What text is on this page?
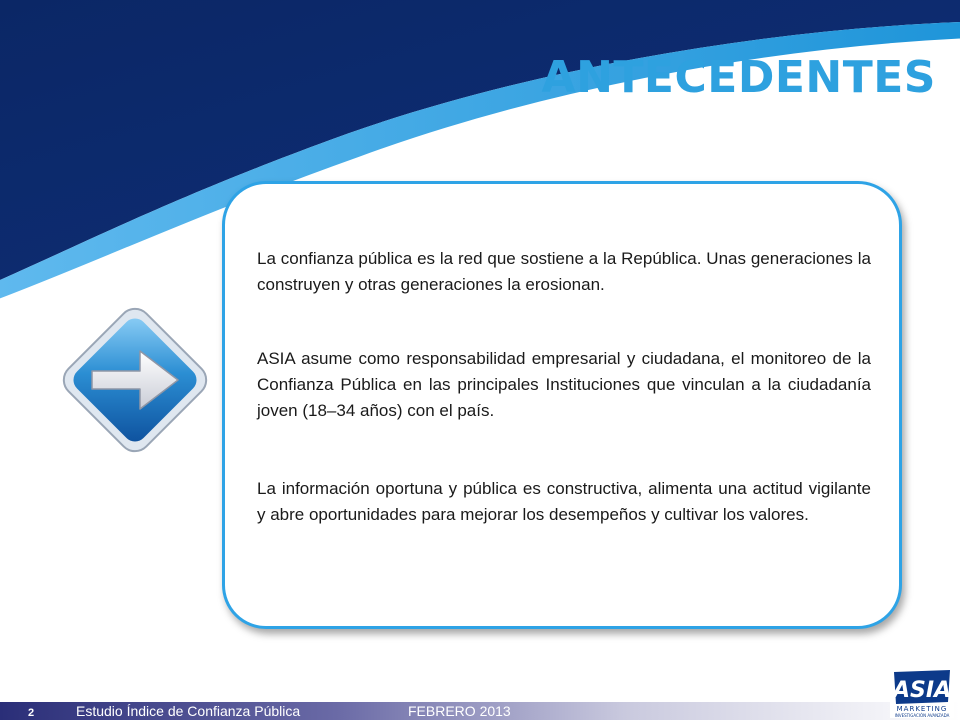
ANTECEDENTES

La confianza pública es la red que sostiene a la República. Unas generaciones la construyen y otras generaciones la erosionan.

ASIA asume como responsabilidad empresarial y ciudadana, el monitoreo de la Confianza Pública en las principales Instituciones que vinculan a la ciudadanía joven (18–34 años) con el país.

La información oportuna y pública es constructiva, alimenta una actitud vigilante y abre oportunidades para mejorar los desempeños y cultivar los valores.

2	Estudio Índice de Confianza Pública	FEBRERO 2013
ASIA
MARKETING
INVESTIGACIÓN AVANZADA
